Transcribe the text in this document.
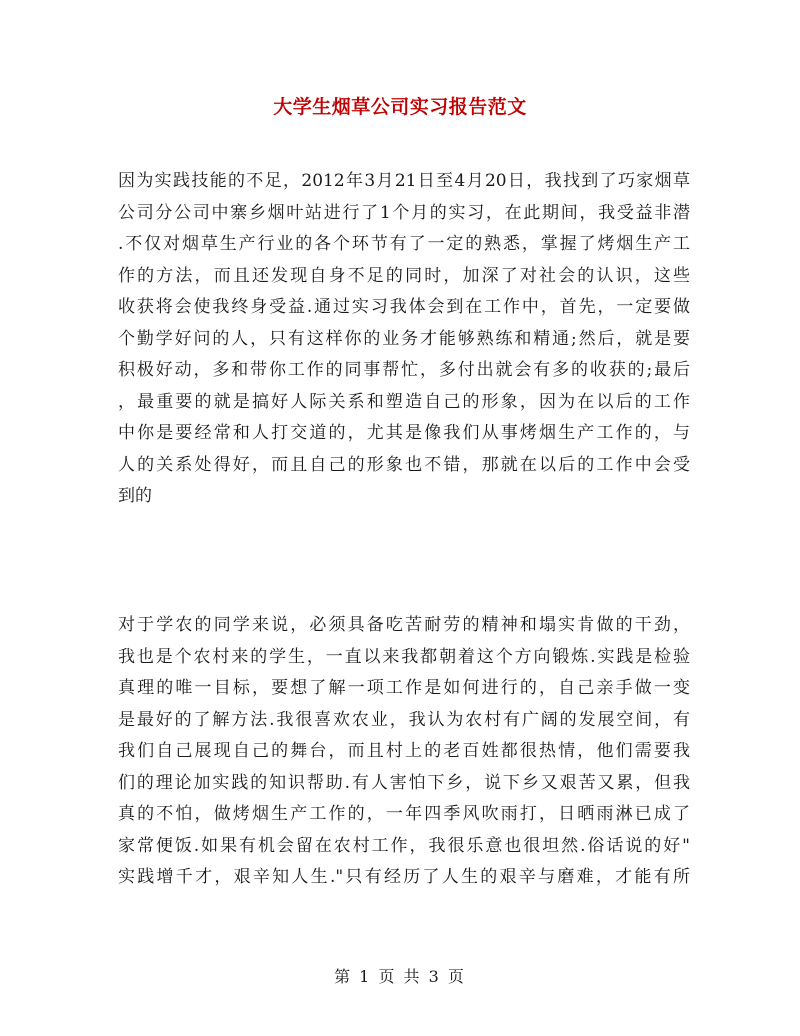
大学生烟草公司实习报告范文

因为实践技能的不足，2012年3月21日至4月20日，我找到了巧家烟草
公司分公司中寨乡烟叶站进行了1个月的实习，在此期间，我受益非潜
.不仅对烟草生产行业的各个环节有了一定的熟悉，掌握了烤烟生产工
作的方法，而且还发现自身不足的同时，加深了对社会的认识，这些
收获将会使我终身受益.通过实习我体会到在工作中，首先，一定要做
个勤学好问的人，只有这样你的业务才能够熟练和精通;然后，就是要
积极好动，多和带你工作的同事帮忙，多付出就会有多的收获的;最后
，最重要的就是搞好人际关系和塑造自己的形象，因为在以后的工作
中你是要经常和人打交道的，尤其是像我们从事烤烟生产工作的，与
人的关系处得好，而且自己的形象也不错，那就在以后的工作中会受
到的

对于学农的同学来说，必须具备吃苦耐劳的精神和塌实肯做的干劲，
我也是个农村来的学生，一直以来我都朝着这个方向锻炼.实践是检验
真理的唯一目标，要想了解一项工作是如何进行的，自己亲手做一变
是最好的了解方法.我很喜欢农业，我认为农村有广阔的发展空间，有
我们自己展现自己的舞台，而且村上的老百姓都很热情，他们需要我
们的理论加实践的知识帮助.有人害怕下乡，说下乡又艰苦又累，但我
真的不怕，做烤烟生产工作的，一年四季风吹雨打，日晒雨淋已成了
家常便饭.如果有机会留在农村工作，我很乐意也很坦然.俗话说的好"
实践增千才，艰辛知人生."只有经历了人生的艰辛与磨难，才能有所

第 1 页 共 3 页
